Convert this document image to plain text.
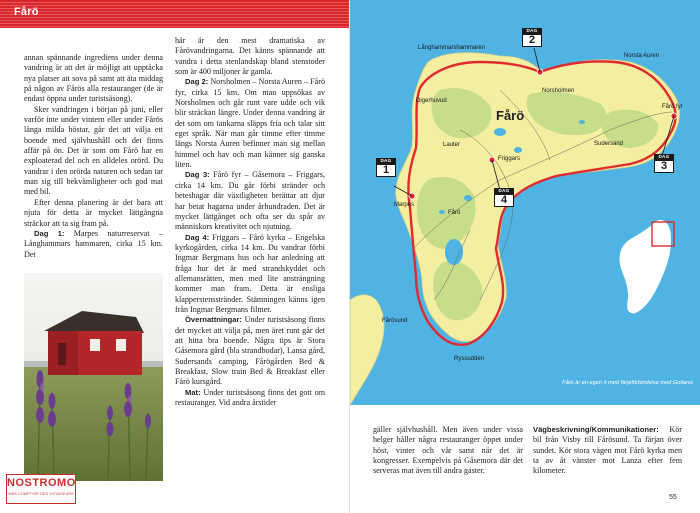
Fårö

annan spännande ingrediens under denna vandring är att det är möjligt att upptäcka nya platser att sova på samt att äta middag på någon av Fårös alla restauranger (de är endast öppna under turistsäsong).

Sker vandringen i början på juni, eller varför inte under vintern eller under Fårös långa milda höstar, går det att välja ett boende med självhushåll och det finns affär på ön. Det är som om Fårö har en exploaterad del och en alldeles orörd. Du vandrar i den orörda naturen och sedan tar man sig till bekvämligheter och god mat med bil.

Efter denna planering är det bara att njuta för detta är mycket lättgångna sträckor att ta sig fram på.

Dag 1: Marpes naturreservat – Långhammars hammaren, cirka 15 km. Det

här är den mest dramatiska av Fårövandringarna. Det känns spännande att vandra i detta stenlandskap bland stenstoder som är 400 miljoner år gamla.

Dag 2: Norsholmen – Norsta Auren – Fårö fyr, cirka 15 km. Om man uppsökas av Norsholmen och går runt vare udde och vik blir sträckan längre. Under denna vandring är det som om tankarna släpps fria och talar sitt eget språk. När man går timme efter timme längs Norsta Auren befinner man sig mellan himmel och hav och man känner sig ganska liten.

Dag 3: Fårö fyr – Gåsemora – Friggars, cirka 14 km. Du går förbi stränder och beteshagar där växtligheten berättar att djur har betat hagarna under århundraden. Det är mycket lättgånget och ofta ser du spår av människors kreativitet och njutning.

Dag 4: Friggars – Fårö kyrka – Engelska kyrkogården, cirka 14 km. Du vandrar förbi Ingmar Bergmans hus och har anledning att fråga hur det är med strandskyddet och allemansrätten, men med lite ansträngning kommer man fram. Detta är ensliga klapperstensstränder. Stämningen känns igen från Ingmar Bergmans filmer.

Övernattningar: Under turistsäsong finns det mycket att välja på, men äret runt går det att hitta bra boende. Några tips är Stora Gåsemora gård (bla strandbodar), Lansa gård, Sudersands camping, Fårögården Bed & Breakfast, Slow train Bed & Breakfast eller Fårö kursgård.

Mat: Under turistsäsong finns det gott om restauranger. Vid andra årstider

NOSTROMO
WEB COMPTOIR DES VOYAGEURS
Fårö
Långhammarshammaren
Norsholmen
Norsta Auren
Digerhuvud
Fårö fyr
Lauter	Sudersand
Friggars
Marpes
Fårö
Fårösund
Ryssudden
DAG
2
DAG
3
DAG
1
DAG
4
Fårö är en egen ö med färjeförbindelse med Gotland.

gäller självhushåll. Men även under vissa helger håller några restauranger öppet under höst, vinter och vår samt när det är kongresser. Exempelvis på Gåsemora där det serveras mat även till andra gäster.

Vägbeskrivning/Kommunikationer: Kör bil från Visby till Fårösund. Ta färjan över sundet. Kör stora vägen mot Fårö kyrka men ta av åt vänster mot Lanza efter fem kilometer.

55
